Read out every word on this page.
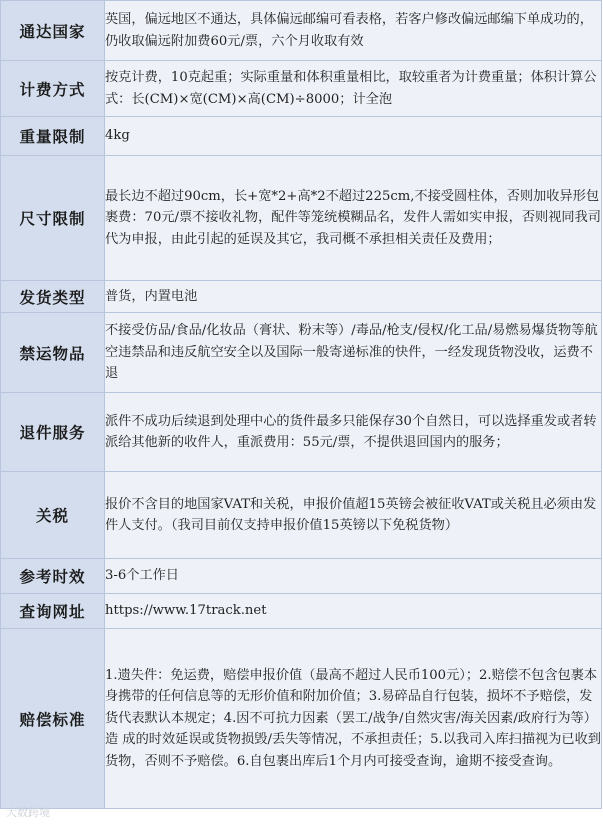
通达国家	英国，偏远地区不通达，具体偏远邮编可看表格，若客户修改偏远邮编下单成功的，仍收取偏远附加费60元/票，六个月收取有效
计费方式	按克计费，10克起重；实际重量和体积重量相比，取较重者为计费重量；体积计算公式：长(CM)×宽(CM)×高(CM)÷8000；计全泡
重量限制	4kg
尺寸限制	最长边不超过90cm，长+宽*2+高*2不超过225cm,不接受圆柱体，否则加收异形包裹费：70元/票不接收礼物，配件等笼统模糊品名，发件人需如实申报，否则视同我司代为申报，由此引起的延误及其它，我司概不承担相关责任及费用；
发货类型	普货，内置电池
禁运物品	不接受仿品/食品/化妆品（膏状、粉末等）/毒品/枪支/侵权/化工品/易燃易爆货物等航空违禁品和违反航空安全以及国际一般寄递标准的快件，一经发现货物没收，运费不退
退件服务	派件不成功后续退到处理中心的货件最多只能保存30个自然日，可以选择重发或者转派给其他新的收件人，重派费用：55元/票，不提供退回国内的服务；
关税	报价不含目的地国家VAT和关税，申报价值超15英镑会被征收VAT或关税且必须由发件人支付。（我司目前仅支持申报价值15英镑以下免税货物）
参考时效	3-6个工作日
查询网址	https://www.17track.net
赔偿标准	1.遗失件：免运费，赔偿申报价值（最高不超过人民币100元）；2.赔偿不包含包裹本身携带的任何信息等的无形价值和附加价值；3.易碎品自行包装，损坏不予赔偿，发货代表默认本规定；4.因不可抗力因素（罢工/战争/自然灾害/海关因素/政府行为等）造 成的时效延误或货物损毁/丢失等情况，不承担责任；5.以我司入库扫描视为已收到货物，否则不予赔偿。6.自包裹出库后1个月内可接受查询，逾期不接受查询。
大数跨境
